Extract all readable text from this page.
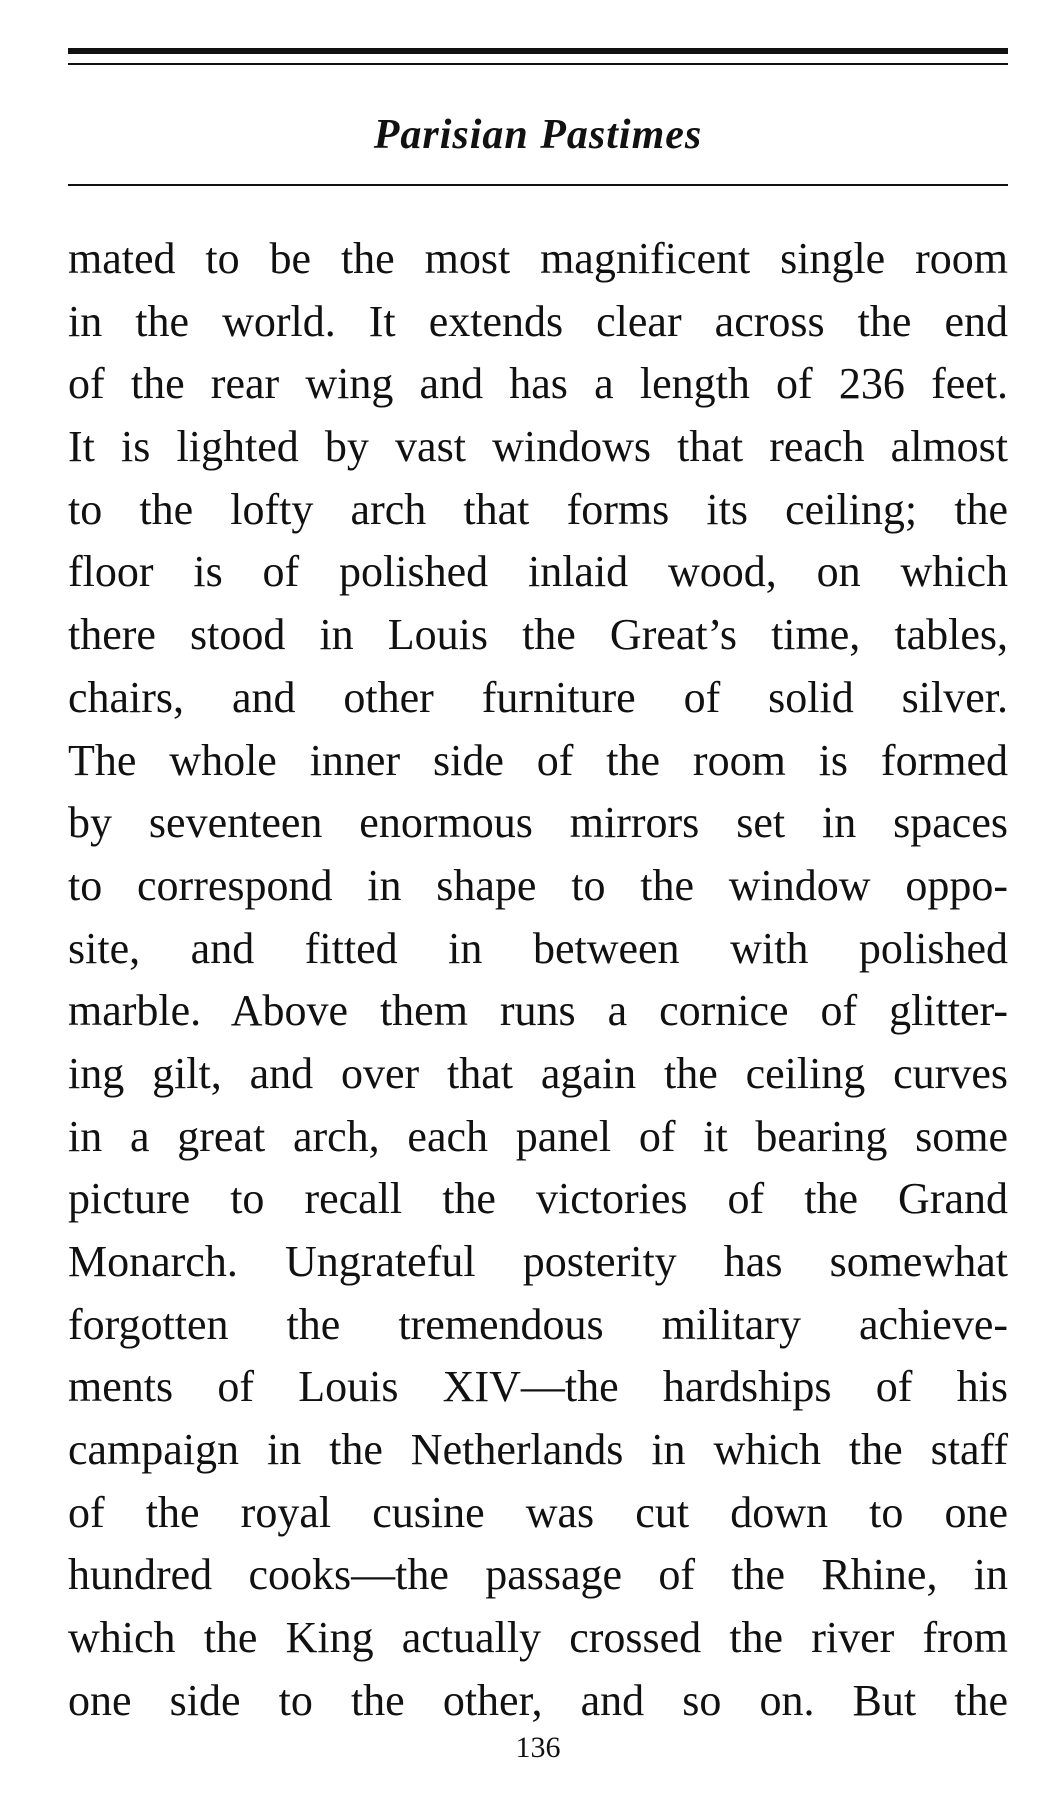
Parisian Pastimes
mated to be the most magnificent single room
in the world. It extends clear across the end
of the rear wing and has a length of 236 feet.
It is lighted by vast windows that reach almost
to the lofty arch that forms its ceiling; the
floor is of polished inlaid wood, on which
there stood in Louis the Great’s time, tables,
chairs, and other furniture of solid silver.
The whole inner side of the room is formed
by seventeen enormous mirrors set in spaces
to correspond in shape to the window oppo-
site, and fitted in between with polished
marble. Above them runs a cornice of glitter-
ing gilt, and over that again the ceiling curves
in a great arch, each panel of it bearing some
picture to recall the victories of the Grand
Monarch. Ungrateful posterity has somewhat
forgotten the tremendous military achieve-
ments of Louis XIV—the hardships of his
campaign in the Netherlands in which the staff
of the royal cusine was cut down to one
hundred cooks—the passage of the Rhine, in
which the King actually crossed the river from
one side to the other, and so on. But the
136
